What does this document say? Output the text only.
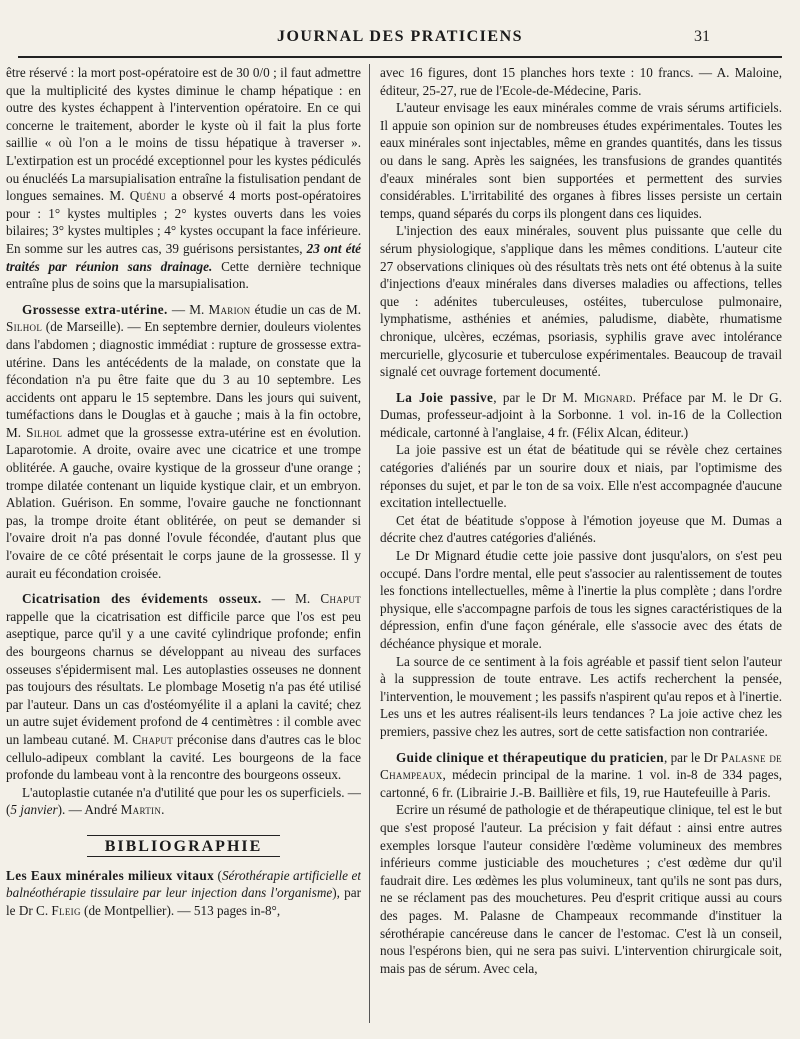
JOURNAL DES PRATICIENS	31

être réservé : la mort post-opératoire est de 30 0/0 ; il faut admettre que la multiplicité des kystes diminue le champ hépatique : en outre des kystes échappent à l'intervention opératoire. En ce qui concerne le traitement, aborder le kyste où il fait la plus forte saillie « où l'on a le moins de tissu hépatique à traverser ». L'extirpation est un procédé exceptionnel pour les kystes pédiculés ou énucléés La marsupialisation entraîne la fistulisation pendant de longues semaines. M. Quénu a observé 4 morts post-opératoires pour : 1° kystes multiples ; 2° kystes ouverts dans les voies bilaires; 3° kystes multiples ; 4° kystes occupant la face inférieure. En somme sur les autres cas, 39 guérisons persistantes, 23 ont été traités par réunion sans drainage. Cette dernière technique entraîne plus de soins que la marsupialisation.

Grossesse extra-utérine. — M. Marion étudie un cas de M. Silhol (de Marseille). — En septembre dernier, douleurs violentes dans l'abdomen ; diagnostic immédiat : rupture de grossesse extra-utérine. Dans les antécédents de la malade, on constate que la fécondation n'a pu être faite que du 3 au 10 septembre. Les accidents ont apparu le 15 septembre. Dans les jours qui suivent, tuméfactions dans le Douglas et à gauche ; mais à la fin octobre, M. Silhol admet que la grossesse extra-utérine est en évolution. Laparotomie. A droite, ovaire avec une cicatrice et une trompe oblitérée. A gauche, ovaire kystique de la grosseur d'une orange ; trompe dilatée contenant un liquide kystique clair, et un embryon. Ablation. Guérison. En somme, l'ovaire gauche ne fonctionnant pas, la trompe droite étant oblitérée, on peut se demander si l'ovaire droit n'a pas donné l'ovule fécondée, d'autant plus que l'ovaire de ce côté présentait le corps jaune de la grossesse. Il y aurait eu fécondation croisée.

Cicatrisation des évidements osseux. — M. Chaput rappelle que la cicatrisation est difficile parce que l'os est peu aseptique, parce qu'il y a une cavité cylindrique profonde; enfin des bourgeons charnus se développant au niveau des surfaces osseuses s'épidermisent mal. Les autoplasties osseuses ne donnent pas toujours des résultats. Le plombage Mosetig n'a pas été utilisé par l'auteur. Dans un cas d'ostéomyélite il a aplani la cavité; chez un autre sujet évidement profond de 4 centimètres : il comble avec un lambeau cutané. M. Chaput préconise dans d'autres cas le bloc cellulo-adipeux comblant la cavité. Les bourgeons de la face profonde du lambeau vont à la rencontre des bourgeons osseux.

L'autoplastie cutanée n'a d'utilité que pour les os superficiels. — (5 janvier). — André Martin.

BIBLIOGRAPHIE

Les Eaux minérales milieux vitaux (Sérothérapie artificielle et balnéothérapie tissulaire par leur injection dans l'organisme), par le Dr C. Fleig (de Montpellier). — 513 pages in-8°,

avec 16 figures, dont 15 planches hors texte : 10 francs. — A. Maloine, éditeur, 25-27, rue de l'Ecole-de-Médecine, Paris.

L'auteur envisage les eaux minérales comme de vrais sérums artificiels. Il appuie son opinion sur de nombreuses études expérimentales. Toutes les eaux minérales sont injectables, même en grandes quantités, dans les tissus ou dans le sang. Après les saignées, les transfusions de grandes quantités d'eaux minérales sont bien supportées et permettent des survies considérables. L'irritabilité des organes à fibres lisses persiste un certain temps, quand séparés du corps ils plongent dans ces liquides.

L'injection des eaux minérales, souvent plus puissante que celle du sérum physiologique, s'applique dans les mêmes conditions. L'auteur cite 27 observations cliniques où des résultats très nets ont été obtenus à la suite d'injections d'eaux minérales dans diverses maladies ou affections, telles que : adénites tuberculeuses, ostéites, tuberculose pulmonaire, lymphatisme, asthénies et anémies, paludisme, diabète, rhumatisme chronique, ulcères, eczémas, psoriasis, syphilis grave avec intolérance mercurielle, glycosurie et tuberculose expérimentales. Beaucoup de travail signalé cet ouvrage fortement documenté.

La Joie passive, par le Dr M. Mignard. Préface par M. le Dr G. Dumas, professeur-adjoint à la Sorbonne. 1 vol. in-16 de la Collection médicale, cartonné à l'anglaise, 4 fr. (Félix Alcan, éditeur.)

La joie passive est un état de béatitude qui se révèle chez certaines catégories d'aliénés par un sourire doux et niais, par l'optimisme des réponses du sujet, et par le ton de sa voix. Elle n'est accompagnée d'aucune excitation intellectuelle.

Cet état de béatitude s'oppose à l'émotion joyeuse que M. Dumas a décrite chez d'autres catégories d'aliénés.

Le Dr Mignard étudie cette joie passive dont jusqu'alors, on s'est peu occupé. Dans l'ordre mental, elle peut s'associer au ralentissement de toutes les fonctions intellectuelles, même à l'inertie la plus complète ; dans l'ordre physique, elle s'accompagne parfois de tous les signes caractéristiques de la dépression, enfin d'une façon générale, elle s'associe avec des états de déchéance physique et morale.

La source de ce sentiment à la fois agréable et passif tient selon l'auteur à la suppression de toute entrave. Les actifs recherchent la pensée, l'intervention, le mouvement ; les passifs n'aspirent qu'au repos et à l'inertie. Les uns et les autres réalisent-ils leurs tendances ? La joie active chez les premiers, passive chez les autres, sort de cette satisfaction non contrariée.

Guide clinique et thérapeutique du praticien, par le Dr Palasne de Champeaux, médecin principal de la marine. 1 vol. in-8 de 334 pages, cartonné, 6 fr. (Librairie J.-B. Baillière et fils, 19, rue Hautefeuille à Paris.

Ecrire un résumé de pathologie et de thérapeutique clinique, tel est le but que s'est proposé l'auteur. La précision y fait défaut : ainsi entre autres exemples lorsque l'auteur considère l'œdème volumineux des membres inférieurs comme justiciable des mouchetures ; c'est œdème dur qu'il faudrait dire. Les œdèmes les plus volumineux, tant qu'ils ne sont pas durs, ne se réclament pas des mouchetures. Peu d'esprit critique aussi au cours des pages. M. Palasne de Champeaux recommande d'instituer la sérothérapie cancéreuse dans le cancer de l'estomac. C'est là un conseil, nous l'espérons bien, qui ne sera pas suivi. L'intervention chirurgicale soit, mais pas de sérum. Avec cela,
